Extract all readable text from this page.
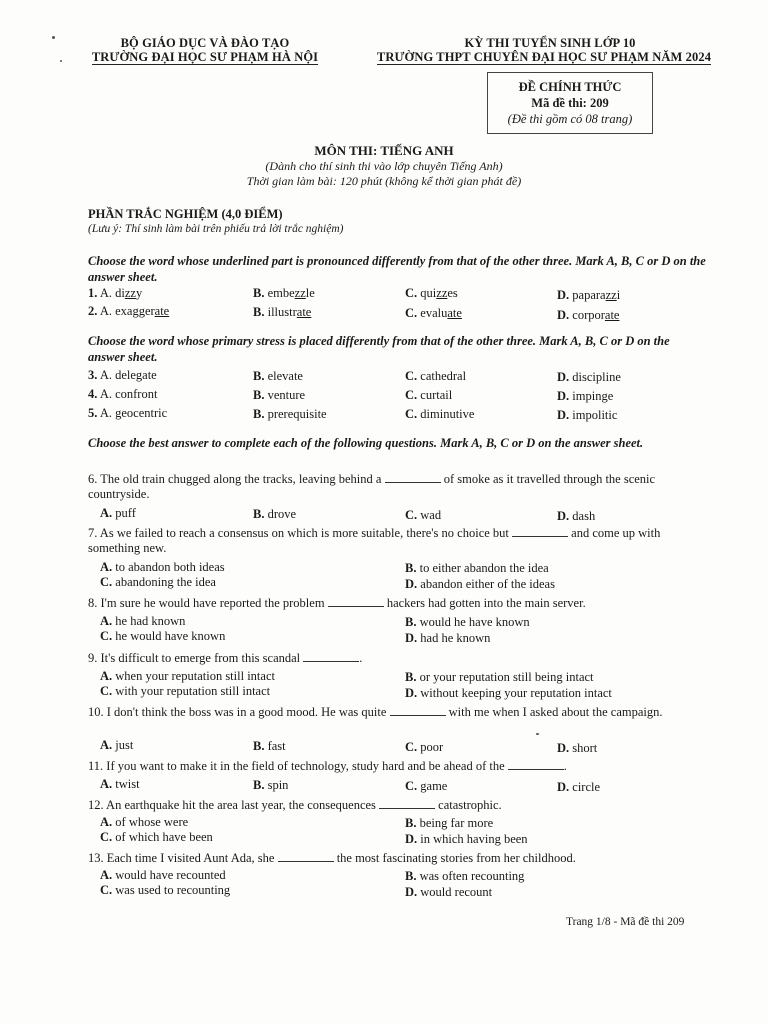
BỘ GIÁO DỤC VÀ ĐÀO TẠO
TRƯỜNG ĐẠI HỌC SƯ PHẠM HÀ NỘI
KỲ THI TUYỂN SINH LỚP 10
TRƯỜNG THPT CHUYÊN ĐẠI HỌC SƯ PHẠM NĂM 2024
ĐỀ CHÍNH THỨC
Mã đề thi: 209
(Đề thi gồm có 08 trang)
MÔN THI: TIẾNG ANH
(Dành cho thí sinh thi vào lớp chuyên Tiếng Anh)
Thời gian làm bài: 120 phút (không kể thời gian phát đề)
PHẦN TRẮC NGHIỆM (4,0 ĐIỂM)
(Lưu ý: Thí sinh làm bài trên phiếu trả lời trắc nghiệm)
Choose the word whose underlined part is pronounced differently from that of the other three. Mark A, B, C or D on the answer sheet.
1. A. dizzy	B. embezzle	C. quizzes	D. paparazzi
2. A. exaggerate	B. illustrate	C. evaluate	D. corporate
Choose the word whose primary stress is placed differently from that of the other three. Mark A, B, C or D on the answer sheet.
3. A. delegate	B. elevate	C. cathedral	D. discipline
4. A. confront	B. venture	C. curtail	D. impinge
5. A. geocentric	B. prerequisite	C. diminutive	D. impolitic
Choose the best answer to complete each of the following questions. Mark A, B, C or D on the answer sheet.
6. The old train chugged along the tracks, leaving behind a	of smoke as it travelled through the scenic countryside.
A. puff	B. drove	C. wad	D. dash
7. As we failed to reach a consensus on which is more suitable, there's no choice but	and come up with something new.
A. to abandon both ideas	B. to either abandon the idea
C. abandoning the idea	D. abandon either of the ideas
8. I'm sure he would have reported the problem	hackers had gotten into the main server.
A. he had known	B. would he have known
C. he would have known	D. had he known
9. It's difficult to emerge from this scandal	.
A. when your reputation still intact	B. or your reputation still being intact
C. with your reputation still intact	D. without keeping your reputation intact
10. I don't think the boss was in a good mood. He was quite	with me when I asked about the campaign.
A. just	B. fast	C. poor	D. short
11. If you want to make it in the field of technology, study hard and be ahead of the	.
A. twist	B. spin	C. game	D. circle
12. An earthquake hit the area last year, the consequences	catastrophic.
A. of whose were	B. being far more
C. of which have been	D. in which having been
13. Each time I visited Aunt Ada, she	the most fascinating stories from her childhood.
A. would have recounted	B. was often recounting
C. was used to recounting	D. would recount
Trang 1/8 - Mã đề thi 209
